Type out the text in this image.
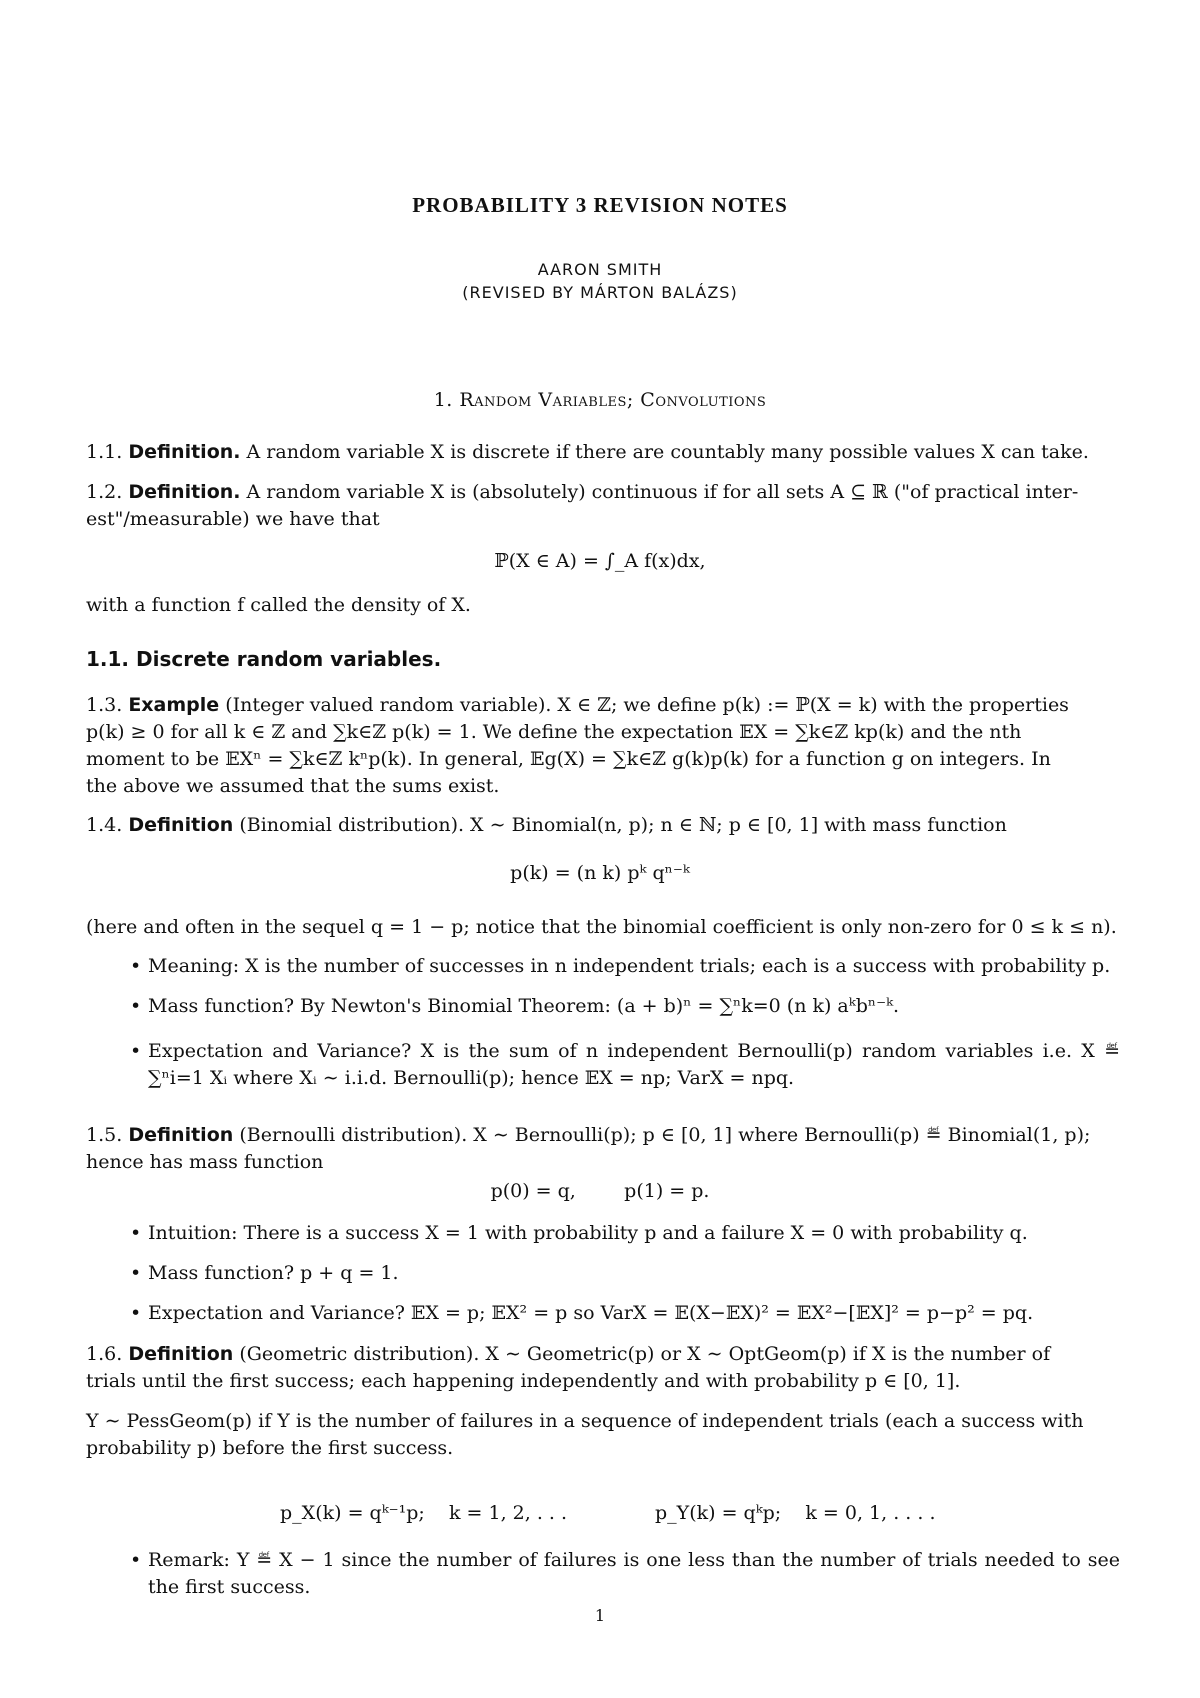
PROBABILITY 3 REVISION NOTES
AARON SMITH
(REVISED BY MÁRTON BALÁZS)
1. Random Variables; Convolutions
1.1. Definition. A random variable X is discrete if there are countably many possible values X can take.
1.2. Definition. A random variable X is (absolutely) continuous if for all sets A ⊆ ℝ ("of practical inter-
est"/measurable) we have that
ℙ(X ∈ A) = ∫_A f(x)dx,
with a function f called the density of X.
1.1. Discrete random variables.
1.3. Example (Integer valued random variable). X ∈ ℤ; we define p(k) := ℙ(X = k) with the properties
p(k) ≥ 0 for all k ∈ ℤ and ∑k∈ℤ p(k) = 1. We define the expectation 𝔼X = ∑k∈ℤ kp(k) and the nth
moment to be 𝔼Xⁿ = ∑k∈ℤ kⁿp(k). In general, 𝔼g(X) = ∑k∈ℤ g(k)p(k) for a function g on integers. In
the above we assumed that the sums exist.
1.4. Definition (Binomial distribution). X ∼ Binomial(n, p); n ∈ ℕ; p ∈ [0, 1] with mass function
p(k) = (n k) pᵏ qⁿ⁻ᵏ
(here and often in the sequel q = 1 − p; notice that the binomial coefficient is only non-zero for 0 ≤ k ≤ n).
• Meaning: X is the number of successes in n independent trials; each is a success with probability p.
• Mass function? By Newton's Binomial Theorem: (a + b)ⁿ = ∑ⁿk=0 (n k) aᵏbⁿ⁻ᵏ.
• Expectation and Variance? X is the sum of n independent Bernoulli(p) random variables i.e. X ≝ ∑ⁿi=1 Xᵢ where Xᵢ ∼ i.i.d. Bernoulli(p); hence 𝔼X = np; VarX = npq.
1.5. Definition (Bernoulli distribution). X ∼ Bernoulli(p); p ∈ [0, 1] where Bernoulli(p) ≝ Binomial(1, p);
hence has mass function
p(0) = q,        p(1) = p.
• Intuition: There is a success X = 1 with probability p and a failure X = 0 with probability q.
• Mass function? p + q = 1.
• Expectation and Variance? 𝔼X = p; 𝔼X² = p so VarX = 𝔼(X−𝔼X)² = 𝔼X²−[𝔼X]² = p−p² = pq.
1.6. Definition (Geometric distribution). X ∼ Geometric(p) or X ∼ OptGeom(p) if X is the number of
trials until the first success; each happening independently and with probability p ∈ [0, 1].
Y ∼ PessGeom(p) if Y is the number of failures in a sequence of independent trials (each a success with
probability p) before the first success.
p_X(k) = qᵏ⁻¹p;    k = 1, 2, . . .	p_Y(k) = qᵏp;    k = 0, 1, . . . .
• Remark: Y ≝ X − 1 since the number of failures is one less than the number of trials needed to see the first success.
1
